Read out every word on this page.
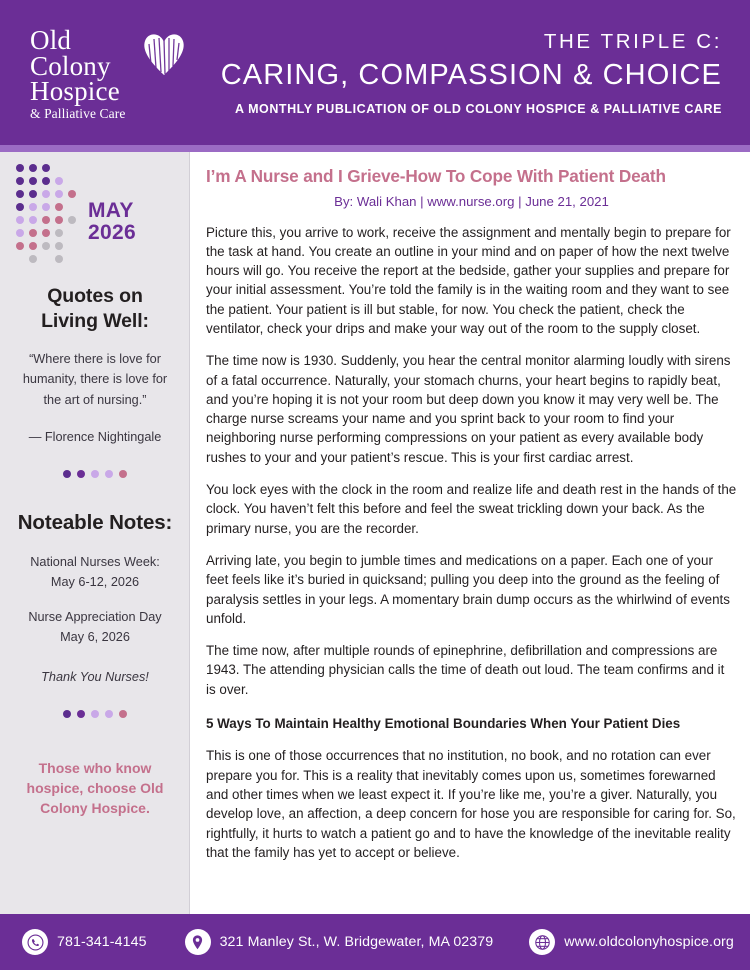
Old
Colony
Hospice
& Palliative Care
THE TRIPLE C:
CARING, COMPASSION & CHOICE
A MONTHLY PUBLICATION OF OLD COLONY HOSPICE & PALLIATIVE CARE
MAY
2026
Quotes on
Living Well:
“Where there is love for humanity, there is love for the art of nursing.”
— Florence Nightingale
Noteable Notes:
National Nurses Week:
May 6-12, 2026
Nurse Appreciation Day
May 6, 2026
Thank You Nurses!
Those who know hospice, choose Old Colony Hospice.
I’m A Nurse and I Grieve-How To Cope With Patient Death
By: Wali Khan | www.nurse.org | June 21, 2021

Picture this, you arrive to work, receive the assignment and mentally begin to prepare for the task at hand. You create an outline in your mind and on paper of how the next twelve hours will go. You receive the report at the bedside, gather your supplies and prepare for your initial assessment. You’re told the family is in the waiting room and they want to see the patient. Your patient is ill but stable, for now. You check the patient, check the ventilator, check your drips and make your way out of the room to the supply closet.

The time now is 1930. Suddenly, you hear the central monitor alarming loudly with sirens of a fatal occurrence. Naturally, your stomach churns, your heart begins to rapidly beat, and you’re hoping it is not your room but deep down you know it may very well be. The charge nurse screams your name and you sprint back to your room to find your neighboring nurse performing compressions on your patient as every available body rushes to your and your patient’s rescue. This is your first cardiac arrest.

You lock eyes with the clock in the room and realize life and death rest in the hands of the clock. You haven’t felt this before and feel the sweat trickling down your back. As the primary nurse, you are the recorder.

Arriving late, you begin to jumble times and medications on a paper. Each one of your feet feels like it’s buried in quicksand; pulling you deep into the ground as the feeling of paralysis settles in your legs. A momentary brain dump occurs as the whirlwind of events unfold.

The time now, after multiple rounds of epinephrine, defibrillation and compressions are 1943. The attending physician calls the time of death out loud. The team confirms and it is over.

5 Ways To Maintain Healthy Emotional Boundaries When Your Patient Dies

This is one of those occurrences that no institution, no book, and no rotation can ever prepare you for. This is a reality that inevitably comes upon us, sometimes forewarned and other times when we least expect it. If you’re like me, you’re a giver. Naturally, you develop love, an affection, a deep concern for hose you are responsible for caring for. So, rightfully, it hurts to watch a patient go and to have the knowledge of the inevitable reality that the family has yet to accept or believe.

781-341-4145	321 Manley St., W. Bridgewater, MA 02379	www.oldcolonyhospice.org
